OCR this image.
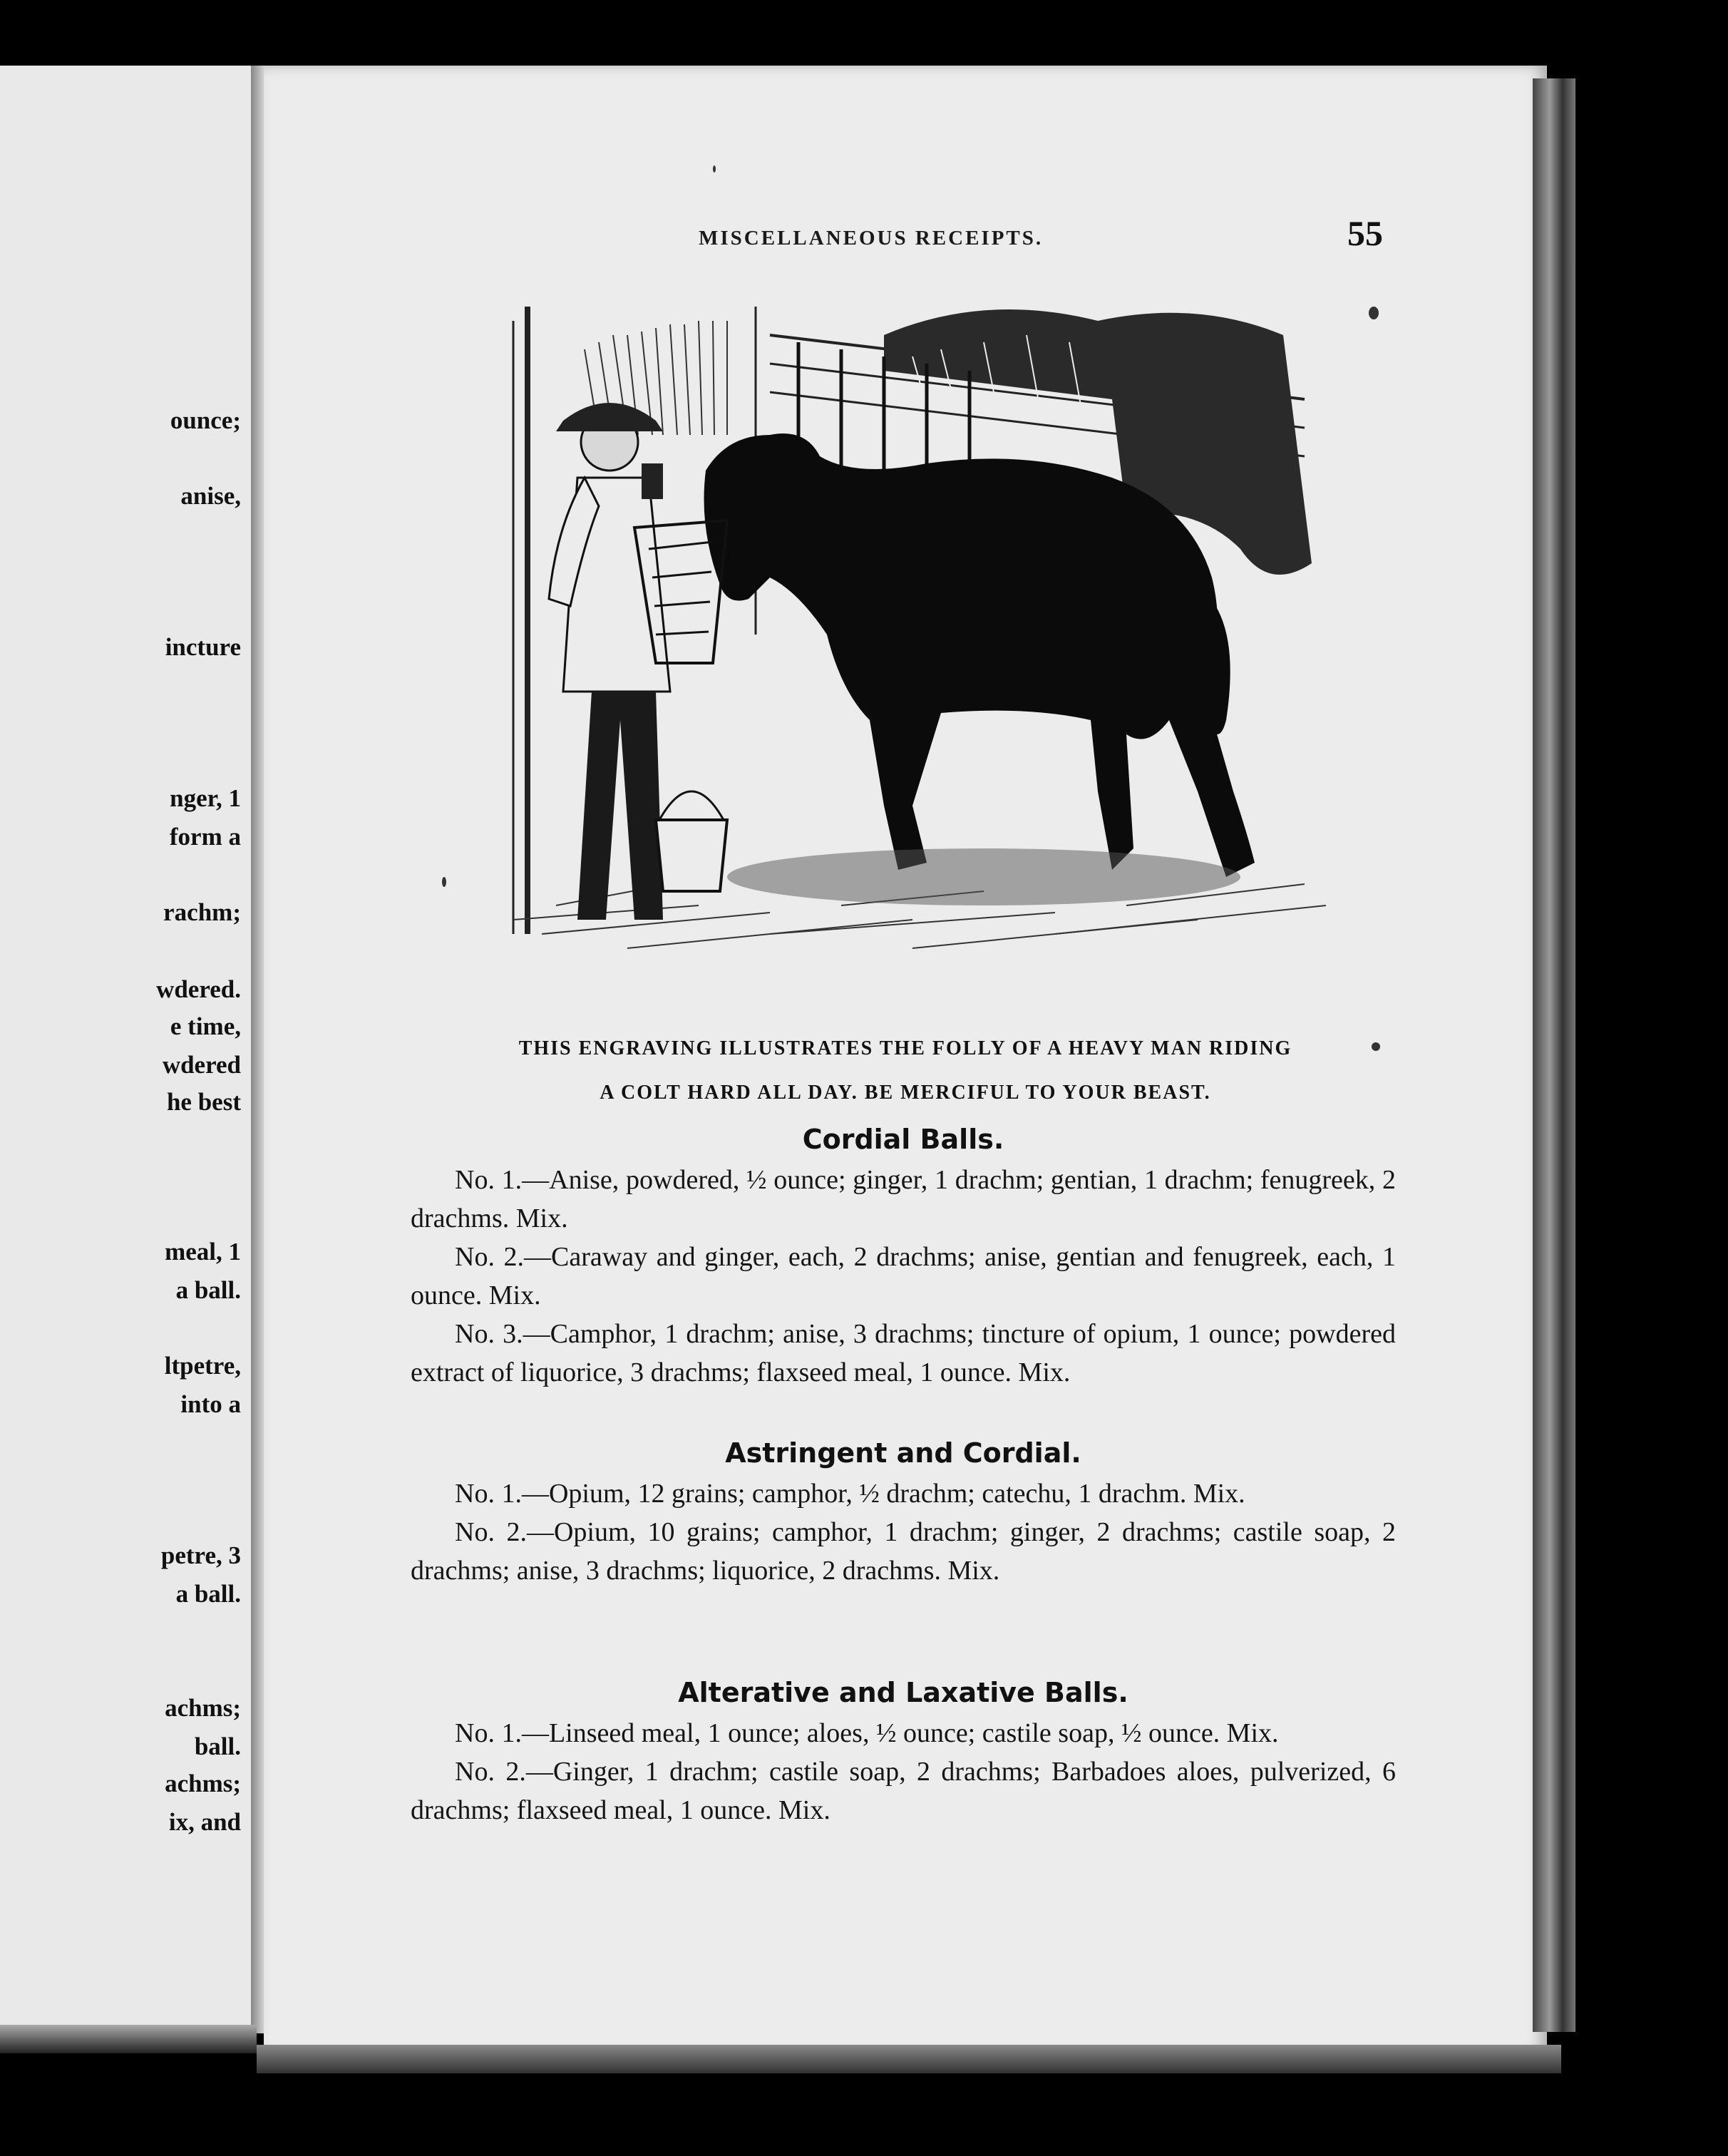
ounce;

anise,

incture

nger, 1

form a

rachm;

wdered.

e time,

wdered

he best

meal, 1

a ball.

ltpetre,

into a

petre, 3

a ball.

achms;

ball.

achms;

ix, and

MISCELLANEOUS RECEIPTS.	55
THIS ENGRAVING ILLUSTRATES THE FOLLY OF A HEAVY MAN RIDING
A COLT HARD ALL DAY. BE MERCIFUL TO YOUR BEAST.
Cordial Balls.

No. 1.—Anise, powdered, ½ ounce; ginger, 1 drachm; gentian, 1 drachm; fenugreek, 2 drachms. Mix.

No. 2.—Caraway and ginger, each, 2 drachms; anise, gentian and fenugreek, each, 1 ounce. Mix.

No. 3.—Camphor, 1 drachm; anise, 3 drachms; tincture of opium, 1 ounce; powdered extract of liquorice, 3 drachms; flaxseed meal, 1 ounce. Mix.

Astringent and Cordial.

No. 1.—Opium, 12 grains; camphor, ½ drachm; catechu, 1 drachm. Mix.

No. 2.—Opium, 10 grains; camphor, 1 drachm; ginger, 2 drachms; castile soap, 2 drachms; anise, 3 drachms; liquorice, 2 drachms. Mix.

Alterative and Laxative Balls.

No. 1.—Linseed meal, 1 ounce; aloes, ½ ounce; castile soap, ½ ounce. Mix.

No. 2.—Ginger, 1 drachm; castile soap, 2 drachms; Barbadoes aloes, pulverized, 6 drachms; flaxseed meal, 1 ounce. Mix.
